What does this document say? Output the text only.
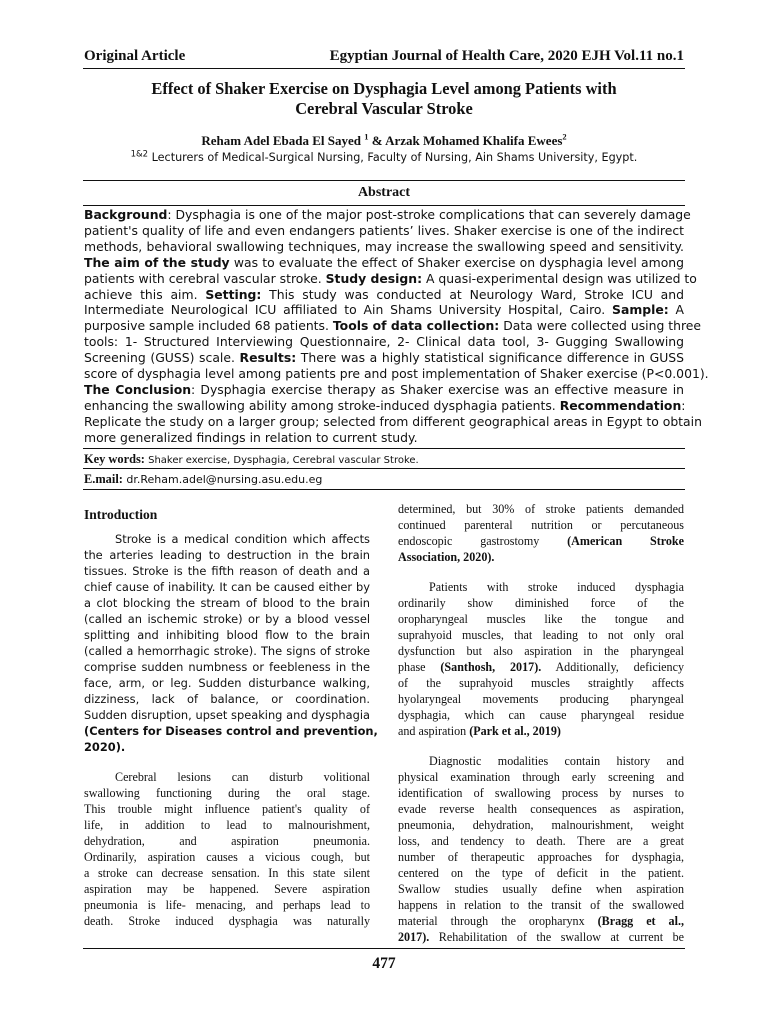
Original Article	Egyptian Journal of Health Care, 2020 EJH Vol.11 no.1
Effect of Shaker Exercise on Dysphagia Level among Patients with
Cerebral Vascular Stroke
Reham Adel Ebada El Sayed $^1$ & Arzak Mohamed Khalifa Ewees$^2$
$^{1\&2}$ Lecturers of Medical-Surgical Nursing, Faculty of Nursing, Ain Shams University, Egypt.
Abstract
Background: Dysphagia is one of the major post-stroke complications that can severely damage
patient's quality of life and even endangers patients’ lives. Shaker exercise is one of the indirect
methods, behavioral swallowing techniques, may increase the swallowing speed and sensitivity.
The aim of the study was to evaluate the effect of Shaker exercise on dysphagia level among
patients with cerebral vascular stroke. Study design: A quasi-experimental design was utilized to
achieve this aim. Setting: This study was conducted at Neurology Ward, Stroke ICU and
Intermediate Neurological ICU affiliated to Ain Shams University Hospital, Cairo. Sample: A
purposive sample included 68 patients. Tools of data collection: Data were collected using three
tools: 1- Structured Interviewing Questionnaire, 2- Clinical data tool, 3- Gugging Swallowing
Screening (GUSS) scale. Results: There was a highly statistical significance difference in GUSS
score of dysphagia level among patients pre and post implementation of Shaker exercise (P<0.001).
The Conclusion: Dysphagia exercise therapy as Shaker exercise was an effective measure in
enhancing the swallowing ability among stroke-induced dysphagia patients. Recommendation:
Replicate the study on a larger group; selected from different geographical areas in Egypt to obtain
more generalized findings in relation to current study.
Key words: Shaker exercise, Dysphagia, Cerebral vascular Stroke.
E.mail: dr.Reham.adel@nursing.asu.edu.eg
Introduction
Stroke is a medical condition which affects
the arteries leading to destruction in the brain
tissues. Stroke is the fifth reason of death and a
chief cause of inability. It can be caused either by
a clot blocking the stream of blood to the brain
(called an ischemic stroke) or by a blood vessel
splitting and inhibiting blood flow to the brain
(called a hemorrhagic stroke). The signs of stroke
comprise sudden numbness or feebleness in the
face, arm, or leg. Sudden disturbance walking,
dizziness, lack of balance, or coordination.
Sudden disruption, upset speaking and dysphagia
(Centers for Diseases control and prevention,
2020).
Cerebral lesions can disturb volitional
swallowing functioning during the oral stage.
This trouble might influence patient's quality of
life, in addition to lead to malnourishment,
dehydration, and aspiration pneumonia.
Ordinarily, aspiration causes a vicious cough, but
a stroke can decrease sensation. In this state silent
aspiration may be happened. Severe aspiration
pneumonia is life- menacing, and perhaps lead to
death. Stroke induced dysphagia was naturally
determined, but 30% of stroke patients demanded
continued parenteral nutrition or percutaneous
endoscopic gastrostomy (American Stroke
Association, 2020).
Patients with stroke induced dysphagia
ordinarily show diminished force of the
oropharyngeal muscles like the tongue and
suprahyoid muscles, that leading to not only oral
dysfunction but also aspiration in the pharyngeal
phase (Santhosh, 2017). Additionally, deficiency
of the suprahyoid muscles straightly affects
hyolaryngeal movements producing pharyngeal
dysphagia, which can cause pharyngeal residue
and aspiration (Park et al., 2019)
Diagnostic modalities contain history and
physical examination through early screening and
identification of swallowing process by nurses to
evade reverse health consequences as aspiration,
pneumonia, dehydration, malnourishment, weight
loss, and tendency to death. There are a great
number of therapeutic approaches for dysphagia,
centered on the type of deficit in the patient.
Swallow studies usually define when aspiration
happens in relation to the transit of the swallowed
material through the oropharynx (Bragg et al.,
2017). Rehabilitation of the swallow at current be
477
